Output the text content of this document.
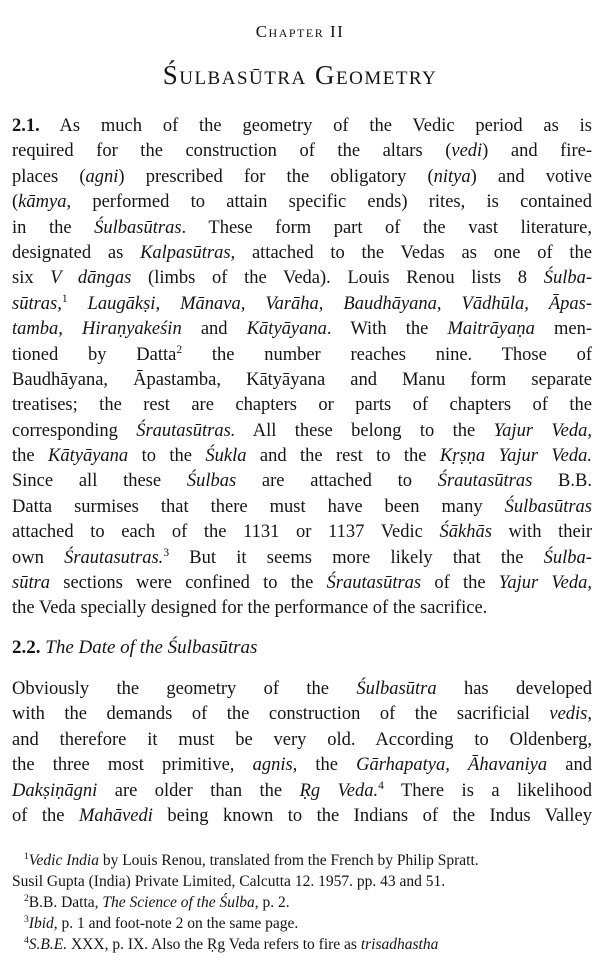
Chapter II
Śulbasūtra Geometry
2.1. As much of the geometry of the Vedic period as is
required for the construction of the altars (vedi) and fire-
places (agni) prescribed for the obligatory (nitya) and votive
(kāmya, performed to attain specific ends) rites, is contained
in the Śulbasūtras. These form part of the vast literature,
designated as Kalpasūtras, attached to the Vedas as one of the
six V dāngas (limbs of the Veda). Louis Renou lists 8 Śulba-
sūtras,$^1$ Laugākṣi, Mānava, Varāha, Baudhāyana, Vādhūla, Āpas-
tamba, Hiraṇyakeśin and Kātyāyana. With the Maitrāyaṇa men-
tioned by Datta$^2$ the number reaches nine. Those of
Baudhāyana, Āpastamba, Kātyāyana and Manu form separate
treatises; the rest are chapters or parts of chapters of the
corresponding Śrautasūtras. All these belong to the Yajur Veda,
the Kātyāyana to the Śukla and the rest to the Kṛṣṇa Yajur Veda.
Since all these Śulbas are attached to Śrautasūtras B.B.
Datta surmises that there must have been many Śulbasūtras
attached to each of the 1131 or 1137 Vedic Śākhās with their
own Śrautasutras.$^3$ But it seems more likely that the Śulba-
sūtra sections were confined to the Śrautasūtras of the Yajur Veda,
the Veda specially designed for the performance of the sacrifice.
2.2. The Date of the Śulbasūtras
Obviously the geometry of the Śulbasūtra has developed
with the demands of the construction of the sacrificial vedis,
and therefore it must be very old. According to Oldenberg,
the three most primitive, agnis, the Gārhapatya, Āhavaniya and
Dakṣiṇāgni are older than the Ṛg Veda.$^4$ There is a likelihood
of the Mahāvedi being known to the Indians of the Indus Valley
$^1$Vedic India by Louis Renou, translated from the French by Philip Spratt.
Susil Gupta (India) Private Limited, Calcutta 12. 1957. pp. 43 and 51.
$^2$B.B. Datta, The Science of the Śulba, p. 2.
$^3$Ibid, p. 1 and foot-note 2 on the same page.
$^4$S.B.E. XXX, p. IX. Also the Ṛg Veda refers to fire as trisadhastha
